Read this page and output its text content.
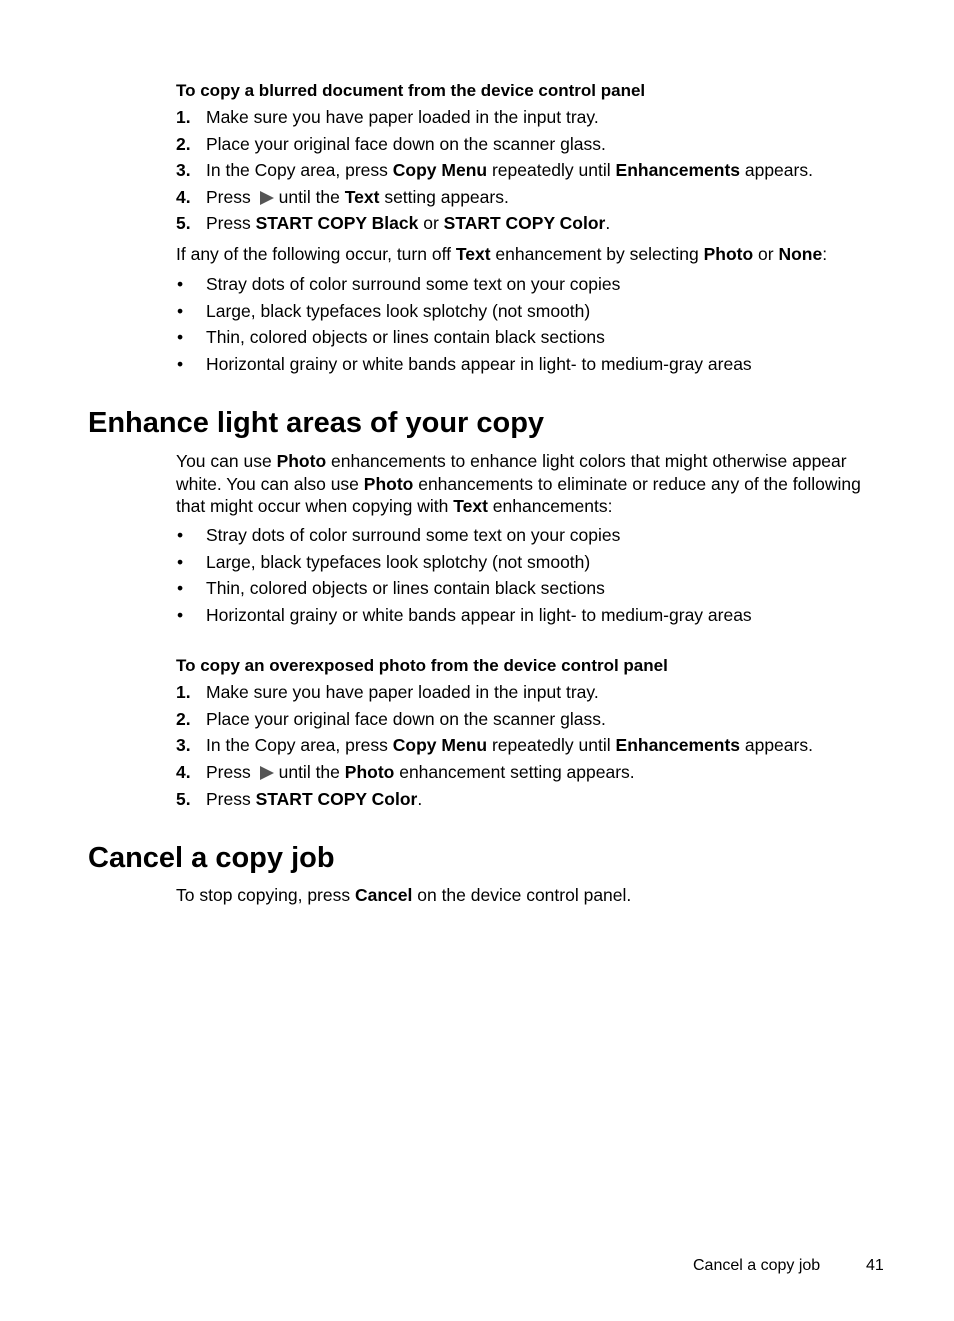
To copy a blurred document from the device control panel
1. Make sure you have paper loaded in the input tray.
2. Place your original face down on the scanner glass.
3. In the Copy area, press Copy Menu repeatedly until Enhancements appears.
4. Press until the Text setting appears.
5. Press START COPY Black or START COPY Color.
If any of the following occur, turn off Text enhancement by selecting Photo or None:
• Stray dots of color surround some text on your copies
• Large, black typefaces look splotchy (not smooth)
• Thin, colored objects or lines contain black sections
• Horizontal grainy or white bands appear in light- to medium-gray areas
Enhance light areas of your copy
You can use Photo enhancements to enhance light colors that might otherwise appear white. You can also use Photo enhancements to eliminate or reduce any of the following that might occur when copying with Text enhancements:
• Stray dots of color surround some text on your copies
• Large, black typefaces look splotchy (not smooth)
• Thin, colored objects or lines contain black sections
• Horizontal grainy or white bands appear in light- to medium-gray areas
To copy an overexposed photo from the device control panel
1. Make sure you have paper loaded in the input tray.
2. Place your original face down on the scanner glass.
3. In the Copy area, press Copy Menu repeatedly until Enhancements appears.
4. Press until the Photo enhancement setting appears.
5. Press START COPY Color.
Cancel a copy job
To stop copying, press Cancel on the device control panel.
Cancel a copy job	41
